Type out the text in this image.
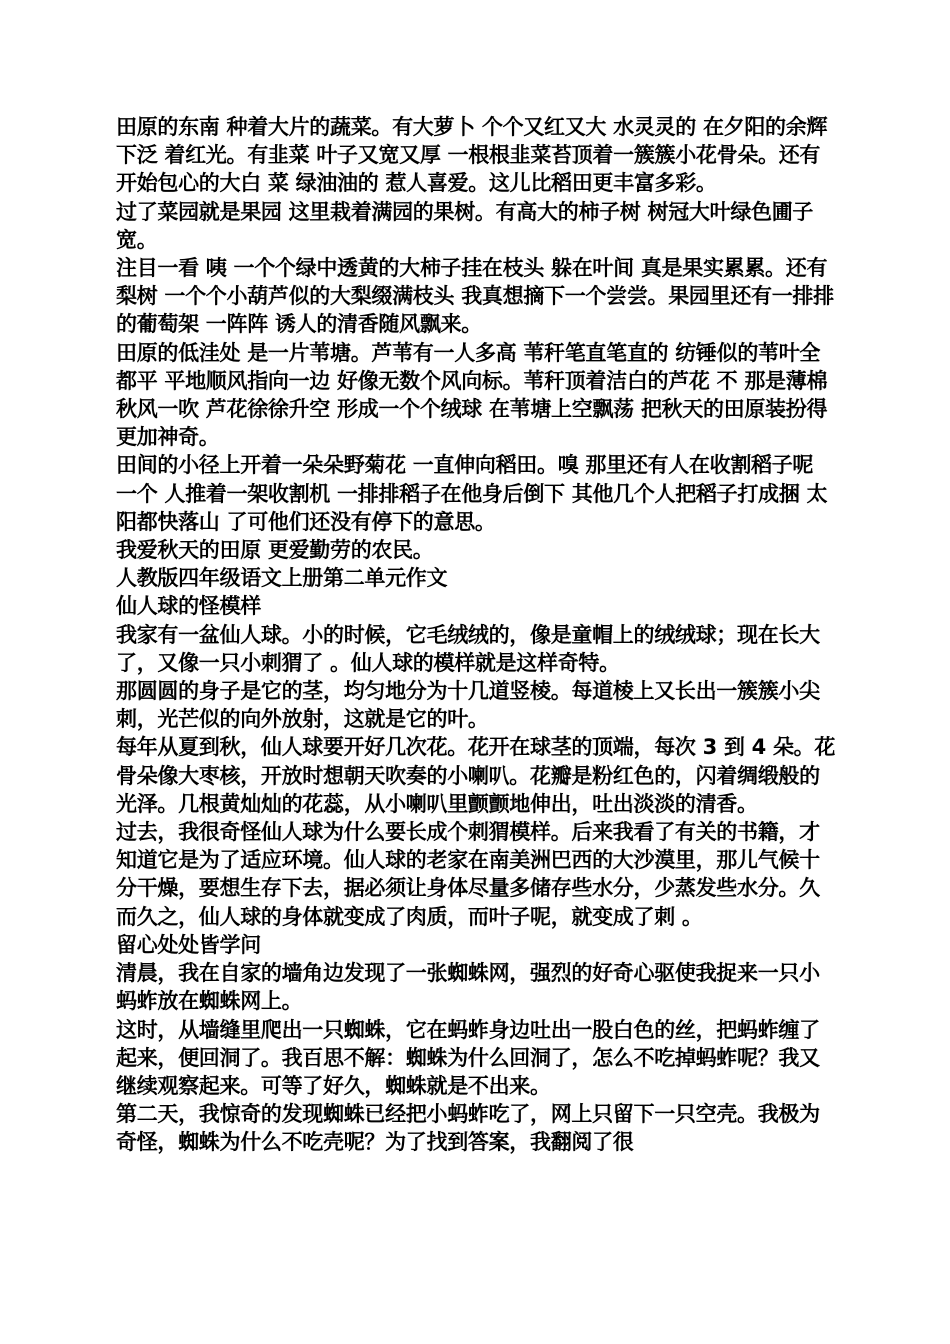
田原的东南 种着大片的蔬菜。有大萝卜 个个又红又大 水灵灵的 在夕阳的余辉下泛 着红光。有韭菜 叶子又宽又厚 一根根韭菜苔顶着一簇簇小花骨朵。还有开始包心的大白 菜 绿油油的 惹人喜爱。这儿比稻田更丰富多彩。

过了菜园就是果园 这里栽着满园的果树。有高大的柿子树 树冠大叶绿色圃子宽。

注目一看 咦 一个个绿中透黄的大柿子挂在枝头 躲在叶间 真是果实累累。还有梨树 一个个小葫芦似的大梨缀满枝头 我真想摘下一个尝尝。果园里还有一排排的葡萄架 一阵阵 诱人的清香随风飘来。

田原的低洼处 是一片苇塘。芦苇有一人多高 苇秆笔直笔直的 纺锤似的苇叶全都平 平地顺风指向一边 好像无数个风向标。苇秆顶着洁白的芦花 不 那是薄棉 秋风一吹 芦花徐徐升空 形成一个个绒球 在苇塘上空飘荡 把秋天的田原装扮得更加神奇。

田间的小径上开着一朵朵野菊花 一直伸向稻田。嗅 那里还有人在收割稻子呢 一个 人推着一架收割机 一排排稻子在他身后倒下 其他几个人把稻子打成捆 太阳都快落山 了可他们还没有停下的意思。

我爱秋天的田原 更爱勤劳的农民。

人教版四年级语文上册第二单元作文

仙人球的怪模样

我家有一盆仙人球。小的时候，它毛绒绒的，像是童帽上的绒绒球；现在长大了，又像一只小刺猬了 。仙人球的模样就是这样奇特。

那圆圆的身子是它的茎，均匀地分为十几道竖棱。每道棱上又长出一簇簇小尖刺，光芒似的向外放射，这就是它的叶。

每年从夏到秋，仙人球要开好几次花。花开在球茎的顶端，每次 3 到 4 朵。花骨朵像大枣核，开放时想朝天吹奏的小喇叭。花瓣是粉红色的，闪着绸缎般的光泽。几根黄灿灿的花蕊，从小喇叭里颤颤地伸出，吐出淡淡的清香。

过去，我很奇怪仙人球为什么要长成个刺猬模样。后来我看了有关的书籍，才知道它是为了适应环境。仙人球的老家在南美洲巴西的大沙漠里，那儿气候十分干燥，要想生存下去，据必须让身体尽量多储存些水分，少蒸发些水分。久而久之，仙人球的身体就变成了肉质，而叶子呢，就变成了刺 。

留心处处皆学问

清晨，我在自家的墙角边发现了一张蜘蛛网，强烈的好奇心驱使我捉来一只小蚂蚱放在蜘蛛网上。

这时，从墙缝里爬出一只蜘蛛，它在蚂蚱身边吐出一股白色的丝，把蚂蚱缠了起来，便回洞了。我百思不解：蜘蛛为什么回洞了，怎么不吃掉蚂蚱呢？我又继续观察起来。可等了好久，蜘蛛就是不出来。

第二天，我惊奇的发现蜘蛛已经把小蚂蚱吃了，网上只留下一只空壳。我极为奇怪，蜘蛛为什么不吃壳呢？为了找到答案，我翻阅了很
